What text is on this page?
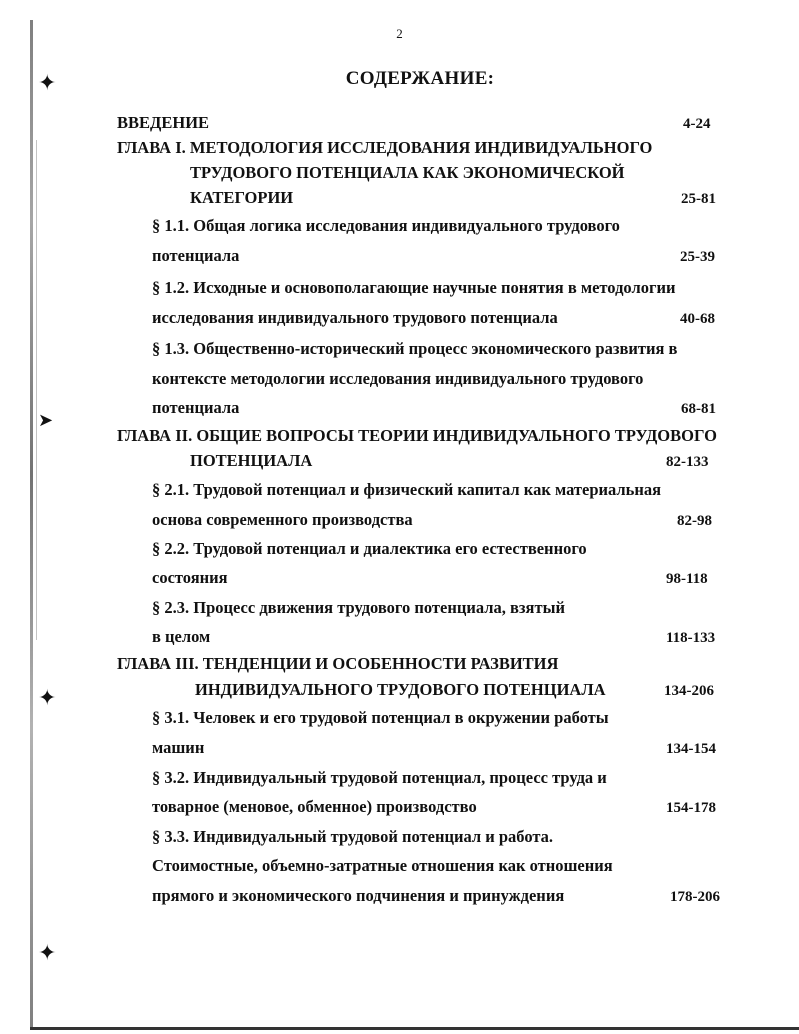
✦
➤
✦
✦
2
СОДЕРЖАНИЕ:
ВВЕДЕНИЕ	4-24
ГЛАВА I. МЕТОДОЛОГИЯ ИССЛЕДОВАНИЯ ИНДИВИДУАЛЬНОГО
ТРУДОВОГО ПОТЕНЦИАЛА КАК ЭКОНОМИЧЕСКОЙ
КАТЕГОРИИ	25-81
§ 1.1. Общая логика исследования индивидуального трудового
потенциала	25-39
§ 1.2. Исходные и основополагающие научные понятия в методологии
исследования индивидуального трудового потенциала	40-68
§ 1.3. Общественно-исторический процесс экономического развития в
контексте методологии исследования индивидуального трудового
потенциала	68-81
ГЛАВА II. ОБЩИЕ ВОПРОСЫ ТЕОРИИ ИНДИВИДУАЛЬНОГО ТРУДОВОГО
ПОТЕНЦИАЛА	82-133
§ 2.1. Трудовой потенциал и физический капитал как материальная
основа современного производства	82-98
§ 2.2. Трудовой потенциал и диалектика его естественного
состояния	98-118
§ 2.3. Процесс движения трудового потенциала, взятый
в целом	118-133
ГЛАВА III. ТЕНДЕНЦИИ И ОСОБЕННОСТИ РАЗВИТИЯ
ИНДИВИДУАЛЬНОГО ТРУДОВОГО ПОТЕНЦИАЛА	134-206
§ 3.1. Человек и его трудовой потенциал в окружении работы
машин	134-154
§ 3.2. Индивидуальный трудовой потенциал, процесс труда и
товарное (меновое, обменное) производство	154-178
§ 3.3. Индивидуальный трудовой потенциал и работа.
Стоимостные, объемно-затратные отношения как отношения
прямого и экономического подчинения и принуждения	178-206
